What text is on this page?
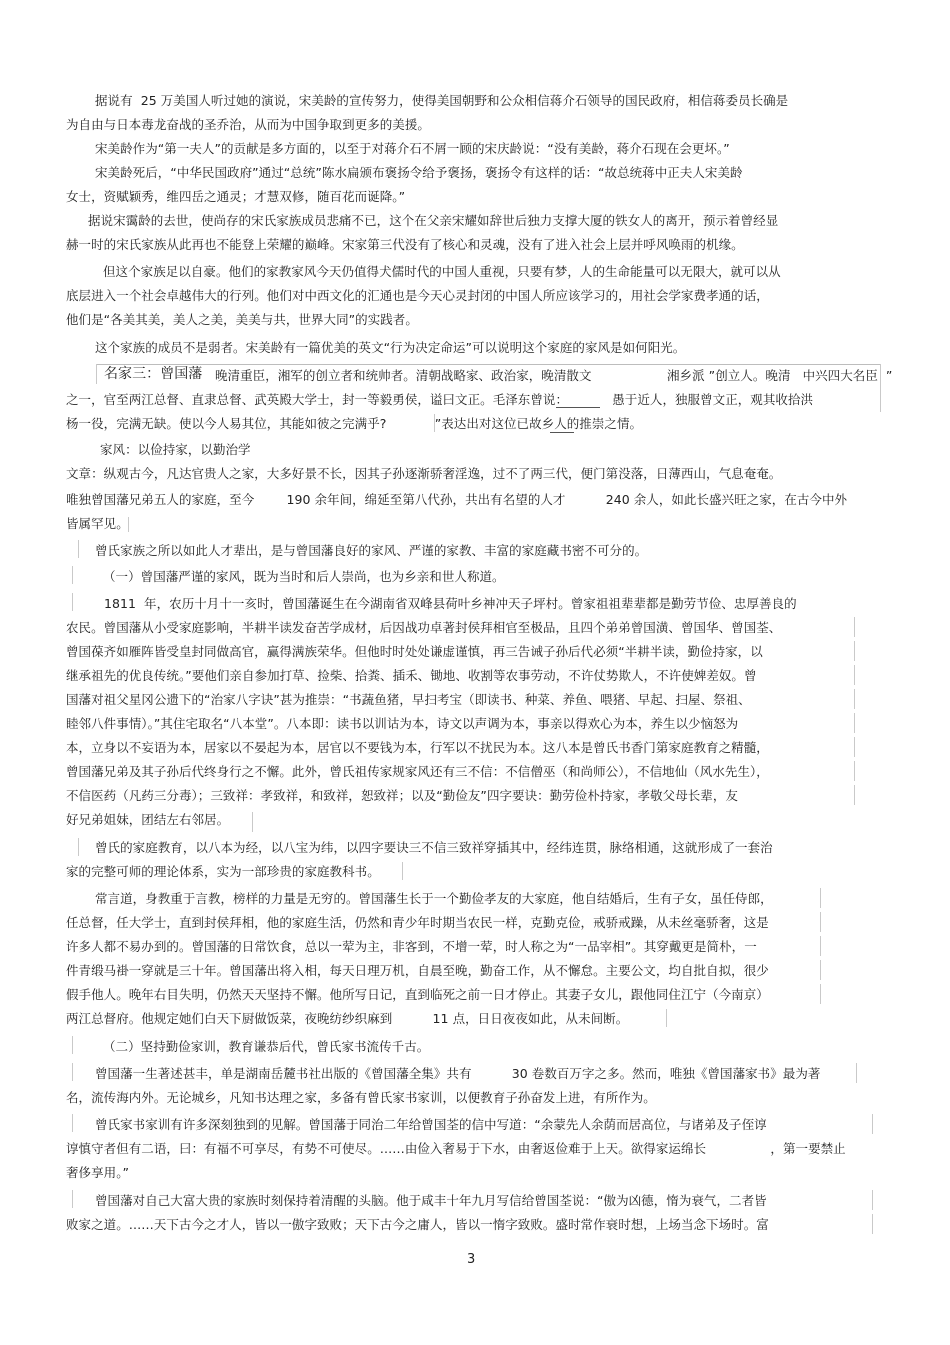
据说有  25 万美国人听过她的演说，宋美龄的宣传努力，使得美国朝野和公众相信蒋介石领导的国民政府，相信蒋委员长确是
为自由与日本毒龙奋战的圣乔治，从而为中国争取到更多的美援。
宋美龄作为“第一夫人”的贡献是多方面的，以至于对蒋介石不屑一顾的宋庆龄说：“没有美龄，蒋介石现在会更坏。”
宋美龄死后，“中华民国政府”通过“总统”陈水扁颁布褒扬令给予褒扬，褒扬令有这样的话：“故总统蒋中正夫人宋美龄
女士，资赋颖秀，维四岳之通灵；才慧双修，随百花而诞降。”
据说宋霭龄的去世，使尚存的宋氏家族成员悲痛不已，这个在父亲宋耀如辞世后独力支撑大厦的铁女人的离开，预示着曾经显
赫一时的宋氏家族从此再也不能登上荣耀的巅峰。宋家第三代没有了核心和灵魂，没有了进入社会上层并呼风唤雨的机缘。
但这个家族足以自豪。他们的家教家风今天仍值得犬儒时代的中国人重视，只要有梦，人的生命能量可以无限大，就可以从
底层进入一个社会卓越伟大的行列。他们对中西文化的汇通也是今天心灵封闭的中国人所应该学习的，用社会学家费孝通的话，
他们是“各美其美，美人之美，美美与共，世界大同”的实践者。
这个家族的成员不是弱者。宋美龄有一篇优美的英文“行为决定命运”可以说明这个家庭的家风是如何阳光。
名家三：曾国藩 晚清重臣，湘军的创立者和统帅者。清朝战略家、政治家，晚清散文	湘乡派 ”创立人。晚清   中兴四大名臣  ”
之一，官至两江总督、直隶总督、武英殿大学士，封一等毅勇侯，谥曰文正。毛泽东曾说：           愚于近人，独服曾文正，观其收拾洪
杨一役，完满无缺。使以今人易其位，其能如彼之完满乎?            ”表达出对这位已故乡人的推崇之情。
家风：以俭持家，以勤治学
文章：纵观古今，凡达官贵人之家，大多好景不长，因其子孙逐渐骄奢淫逸，过不了两三代，便门第没落，日薄西山，气息奄奄。
唯独曾国藩兄弟五人的家庭，至今        190 余年间，绵延至第八代孙，共出有名望的人才          240 余人，如此长盛兴旺之家，在古今中外
皆属罕见。
曾氏家族之所以如此人才辈出，是与曾国藩良好的家风、严谨的家教、丰富的家庭藏书密不可分的。
（一）曾国藩严谨的家风，既为当时和后人崇尚，也为乡亲和世人称道。
1811  年，农历十月十一亥时，曾国藩诞生在今湖南省双峰县荷叶乡神冲天子坪村。曾家祖祖辈辈都是勤劳节俭、忠厚善良的
农民。曾国藩从小受家庭影响，半耕半读发奋苦学成材，后因战功卓著封侯拜相官至极品，且四个弟弟曾国潢、曾国华、曾国荃、
曾国葆齐如雁阵皆受皇封同做高官，赢得满族荣华。但他时时处处谦虚谨慎，再三告诫子孙后代必须“半耕半读，勤俭持家，以
继承祖先的优良传统。”要他们亲自参加打草、捡柴、拾粪、插禾、锄地、收割等农事劳动，不许仗势欺人，不许使婢差奴。曾
国藩对祖父星冈公遗下的“治家八字诀”甚为推崇：“书蔬鱼猪，早扫考宝（即读书、种菜、养鱼、喂猪、早起、扫屋、祭祖、
睦邻八件事情）。”其住宅取名“八本堂”。八本即：读书以训诂为本，诗文以声调为本，事亲以得欢心为本，养生以少恼怒为
本，立身以不妄语为本，居家以不晏起为本，居官以不要钱为本，行军以不扰民为本。这八本是曾氏书香门第家庭教育之精髓，
曾国藩兄弟及其子孙后代终身行之不懈。此外，曾氏祖传家规家风还有三不信：不信僧巫（和尚师公），不信地仙（风水先生），
不信医药（凡药三分毒）；三致祥：孝致祥，和致祥，恕致祥；以及“勤俭友”四字要诀：勤劳俭朴持家，孝敬父母长辈，友
好兄弟姐妹，团结左右邻居。
曾氏的家庭教育，以八本为经，以八宝为纬，以四字要诀三不信三致祥穿插其中，经纬连贯，脉络相通，这就形成了一套治
家的完整可师的理论体系，实为一部珍贵的家庭教科书。
常言道，身教重于言教，榜样的力量是无穷的。曾国藩生长于一个勤俭孝友的大家庭，他自结婚后，生有子女，虽任侍郎，
任总督，任大学士，直到封侯拜相，他的家庭生活，仍然和青少年时期当农民一样，克勤克俭，戒骄戒躁，从未丝毫骄奢，这是
许多人都不易办到的。曾国藩的日常饮食，总以一荤为主，非客到，不增一荤，时人称之为“一品宰相”。其穿戴更是简朴，一
件青缎马褂一穿就是三十年。曾国藩出将入相，每天日理万机，自晨至晚，勤奋工作，从不懈怠。主要公文，均自批自拟，很少
假手他人。晚年右目失明，仍然天天坚持不懈。他所写日记，直到临死之前一日才停止。其妻子女儿，跟他同住江宁（今南京）
两江总督府。他规定她们白天下厨做饭菜，夜晚纺纱织麻到          11 点，日日夜夜如此，从未间断。
（二）坚持勤俭家训，教育谦恭后代，曾氏家书流传千古。
曾国藩一生著述甚丰，单是湖南岳麓书社出版的《曾国藩全集》共有          30 卷数百万字之多。然而，唯独《曾国藩家书》最为著
名，流传海内外。无论城乡，凡知书达理之家，多备有曾氏家书家训，以便教育子孙奋发上进，有所作为。
曾氏家书家训有许多深刻独到的见解。曾国藩于同治二年给曾国荃的信中写道：“余蒙先人余荫而居高位，与诸弟及子侄谆
谆慎守者但有二语，曰：有福不可享尽，有势不可使尽。……由俭入奢易于下水，由奢返俭难于上天。欲得家运绵长                ，第一要禁止
奢侈享用。”
曾国藩对自己大富大贵的家族时刻保持着清醒的头脑。他于咸丰十年九月写信给曾国荃说：“傲为凶德，惰为衰气，二者皆
败家之道。……天下古今之才人，皆以一傲字致败；天下古今之庸人，皆以一惰字致败。盛时常作衰时想，上场当念下场时。富
3
